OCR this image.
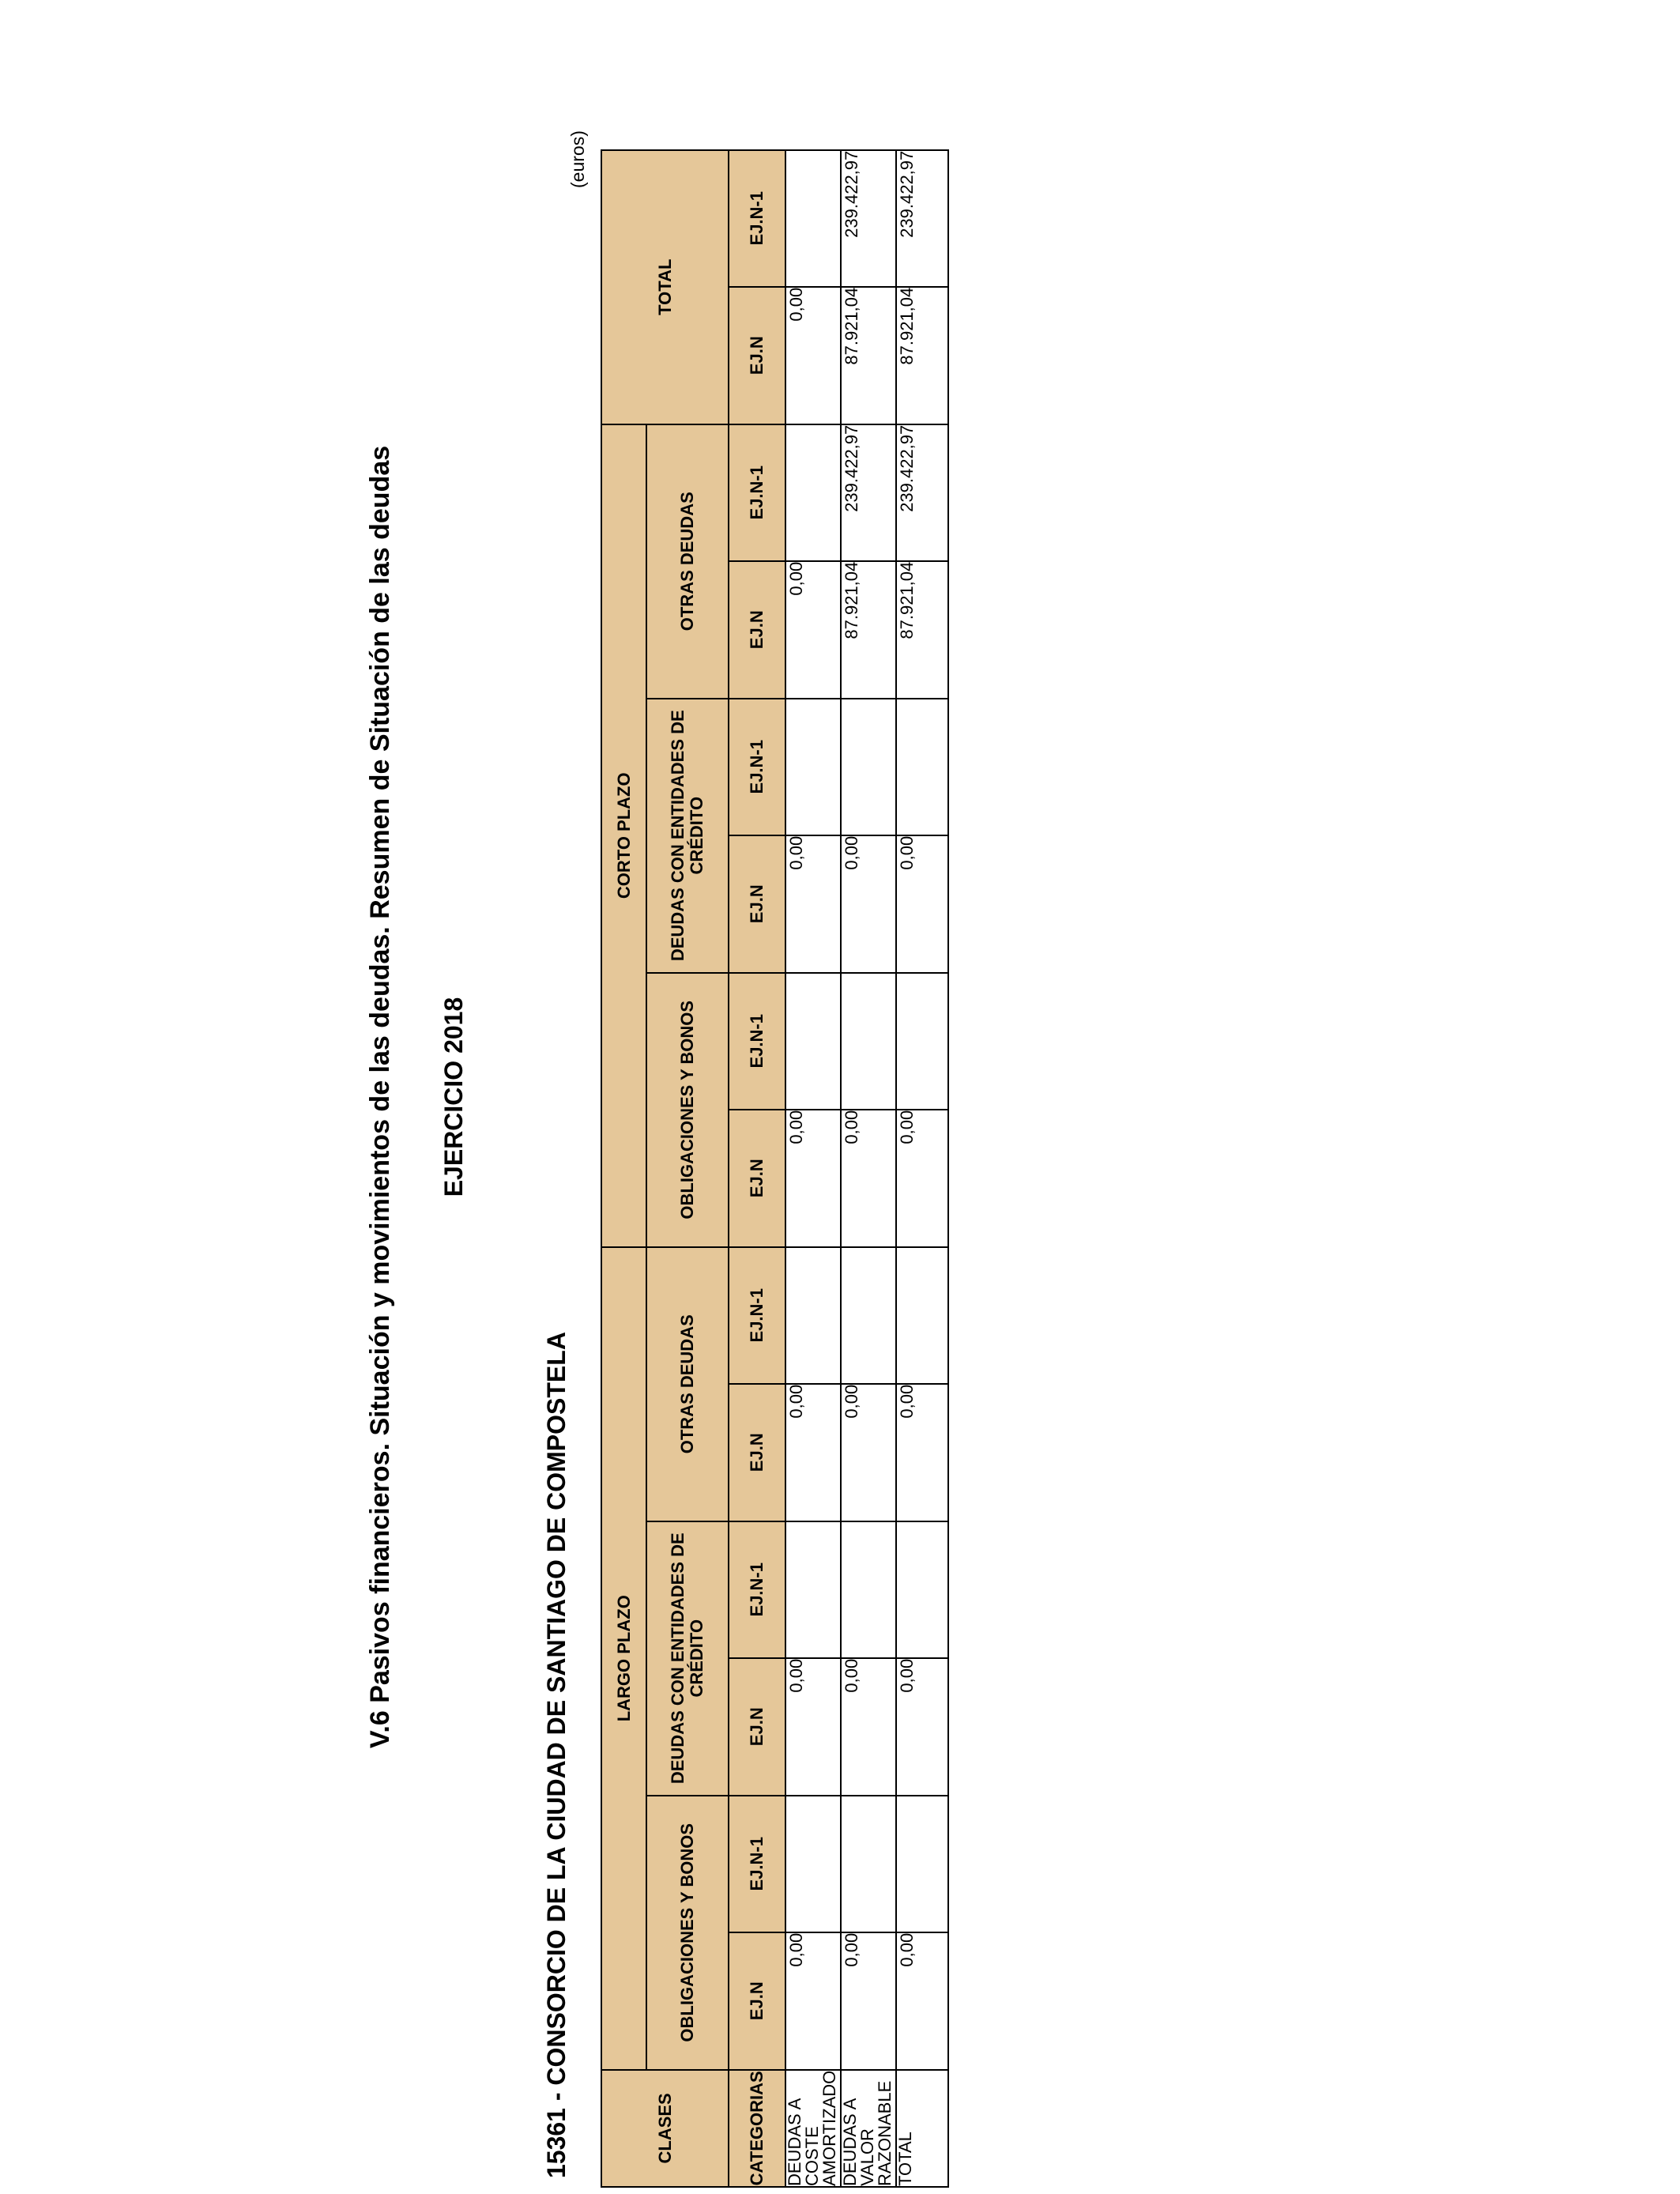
V.6 Pasivos financieros. Situación y movimientos de las deudas. Resumen de Situación de las deudas EJERCICIO 2018
15361 - CONSORCIO DE LA CIUDAD DE SANTIAGO DE COMPOSTELA
(euros)
CLASES	LARGO PLAZO						CORTO PLAZO						TOTAL	
	OBLIGACIONES Y BONOS		DEUDAS CON ENTIDADES DE CRÉDITO		OTRAS DEUDAS		OBLIGACIONES Y BONOS		DEUDAS CON ENTIDADES DE CRÉDITO		OTRAS DEUDAS			
CATEGORIAS	EJ.N	EJ.N-1	EJ.N	EJ.N-1	EJ.N	EJ.N-1	EJ.N	EJ.N-1	EJ.N	EJ.N-1	EJ.N	EJ.N-1	EJ.N	EJ.N-1
DEUDAS A COSTE AMORTIZADO	0,00		0,00		0,00		0,00		0,00		0,00		0,00	
DEUDAS A VALOR RAZONABLE	0,00		0,00		0,00		0,00		0,00		87.921,04	239.422,97	87.921,04	239.422,97
TOTAL	0,00		0,00		0,00		0,00		0,00		87.921,04	239.422,97	87.921,04	239.422,97
